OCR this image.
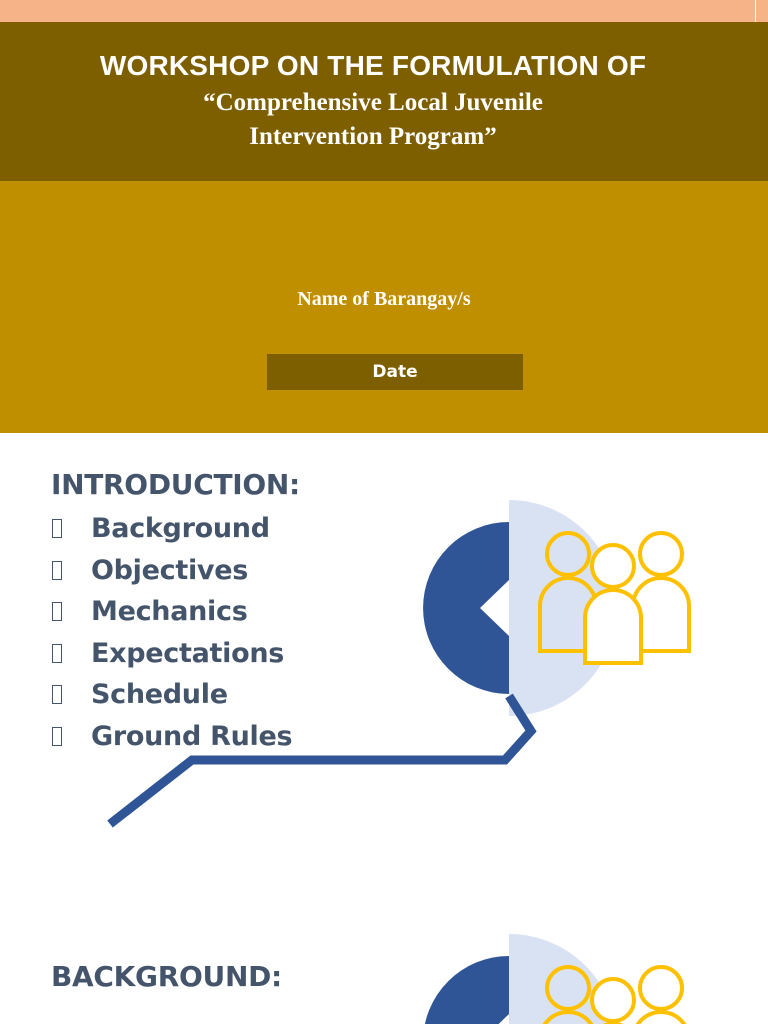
WORKSHOP ON THE FORMULATION OF
“Comprehensive Local Juvenile
Intervention Program”
Name of Barangay/s
Date
INTRODUCTION:
Background
Objectives
Mechanics
Expectations
Schedule
Ground Rules
BACKGROUND:
